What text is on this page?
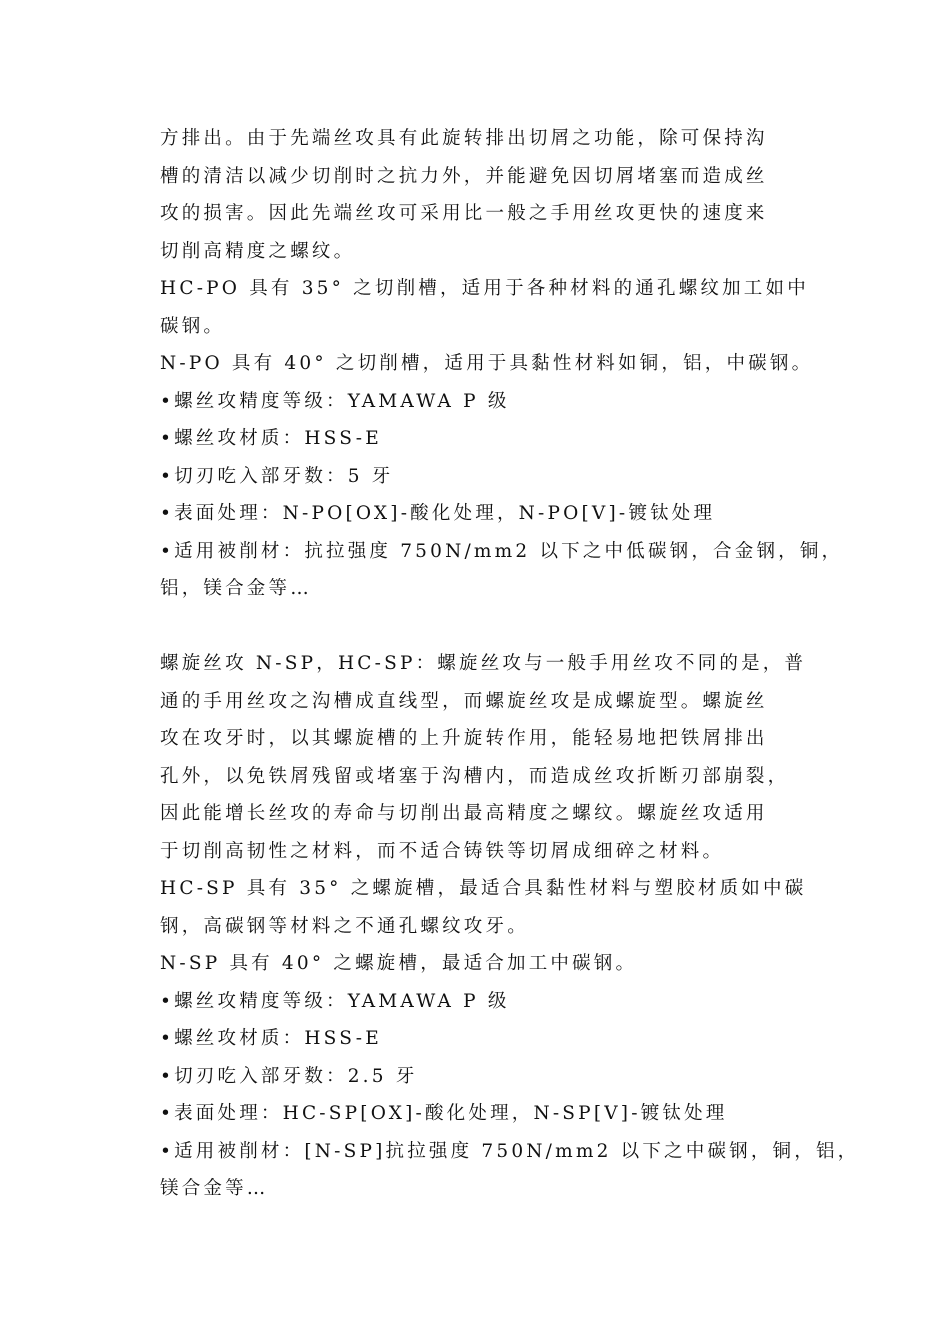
方排出。由于先端丝攻具有此旋转排出切屑之功能，除可保持沟
槽的清洁以减少切削时之抗力外，并能避免因切屑堵塞而造成丝
攻的损害。因此先端丝攻可采用比一般之手用丝攻更快的速度来
切削高精度之螺纹。
HC-PO 具有 35° 之切削槽，适用于各种材料的通孔螺纹加工如中
碳钢。
N-PO 具有 40° 之切削槽，适用于具黏性材料如铜，铝，中碳钢。
•螺丝攻精度等级：YAMAWA P 级
•螺丝攻材质：HSS-E
•切刃吃入部牙数：5 牙
•表面处理：N-PO[OX]-酸化处理，N-PO[V]-镀钛处理
•适用被削材：抗拉强度 750N/mm2 以下之中低碳钢，合金钢，铜，
铝，镁合金等…
螺旋丝攻 N-SP，HC-SP：螺旋丝攻与一般手用丝攻不同的是，普
通的手用丝攻之沟槽成直线型，而螺旋丝攻是成螺旋型。螺旋丝
攻在攻牙时，以其螺旋槽的上升旋转作用，能轻易地把铁屑排出
孔外，以免铁屑残留或堵塞于沟槽内，而造成丝攻折断刃部崩裂，
因此能增长丝攻的寿命与切削出最高精度之螺纹。螺旋丝攻适用
于切削高韧性之材料，而不适合铸铁等切屑成细碎之材料。
HC-SP 具有 35° 之螺旋槽，最适合具黏性材料与塑胶材质如中碳
钢，高碳钢等材料之不通孔螺纹攻牙。
N-SP 具有 40° 之螺旋槽，最适合加工中碳钢。
•螺丝攻精度等级：YAMAWA P 级
•螺丝攻材质：HSS-E
•切刃吃入部牙数：2.5 牙
•表面处理：HC-SP[OX]-酸化处理，N-SP[V]-镀钛处理
•适用被削材：[N-SP]抗拉强度 750N/mm2 以下之中碳钢，铜，铝，
镁合金等…
